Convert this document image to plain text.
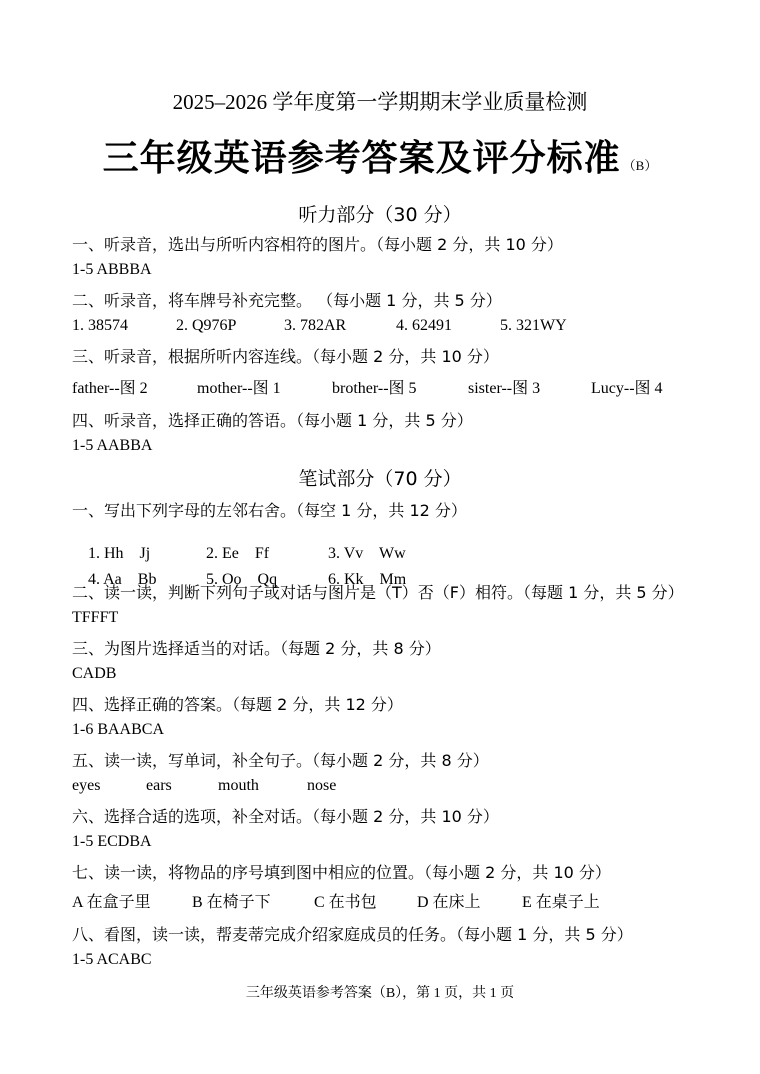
2025–2026 学年度第一学期期末学业质量检测
三年级英语参考答案及评分标准 （B）
听力部分（30 分）
一、听录音，选出与所听内容相符的图片。（每小题 2 分，共 10 分）
1-5 ABBBA
二、听录音，将车牌号补充完整。 （每小题 1 分，共 5 分）
1. 38574	2. Q976P	3. 782AR	4. 62491	5. 321WY
三、听录音，根据所听内容连线。（每小题 2 分，共 10 分）
father--图 2	mother--图 1	brother--图 5	sister--图 3	Lucy--图 4
四、听录音，选择正确的答语。（每小题 1 分，共 5 分）
1-5 AABBA
笔试部分（70 分）
一、写出下列字母的左邻右舍。（每空 1 分，共 12 分）

1. Hh    Jj	2. Ee    Ff	3. Vv    Ww

4. Aa    Bb	5. Oo    Qq	6. Kk    Mm

二、读一读，判断下列句子或对话与图片是（T）否（F）相符。（每题 1 分，共 5 分）
TFFFT
三、为图片选择适当的对话。（每题 2 分，共 8 分）
CADB
四、选择正确的答案。（每题 2 分，共 12 分）
1-6 BAABCA
五、读一读，写单词，补全句子。（每小题 2 分，共 8 分）
eyes	ears	mouth	nose
六、选择合适的选项，补全对话。（每小题 2 分，共 10 分）
1-5 ECDBA
七、读一读，将物品的序号填到图中相应的位置。（每小题 2 分，共 10 分）
A 在盒子里	B 在椅子下	C 在书包	D 在床上	E 在桌子上
八、看图，读一读，帮麦蒂完成介绍家庭成员的任务。（每小题 1 分，共 5 分）
1-5 ACABC
三年级英语参考答案（B），第 1 页，共 1 页
